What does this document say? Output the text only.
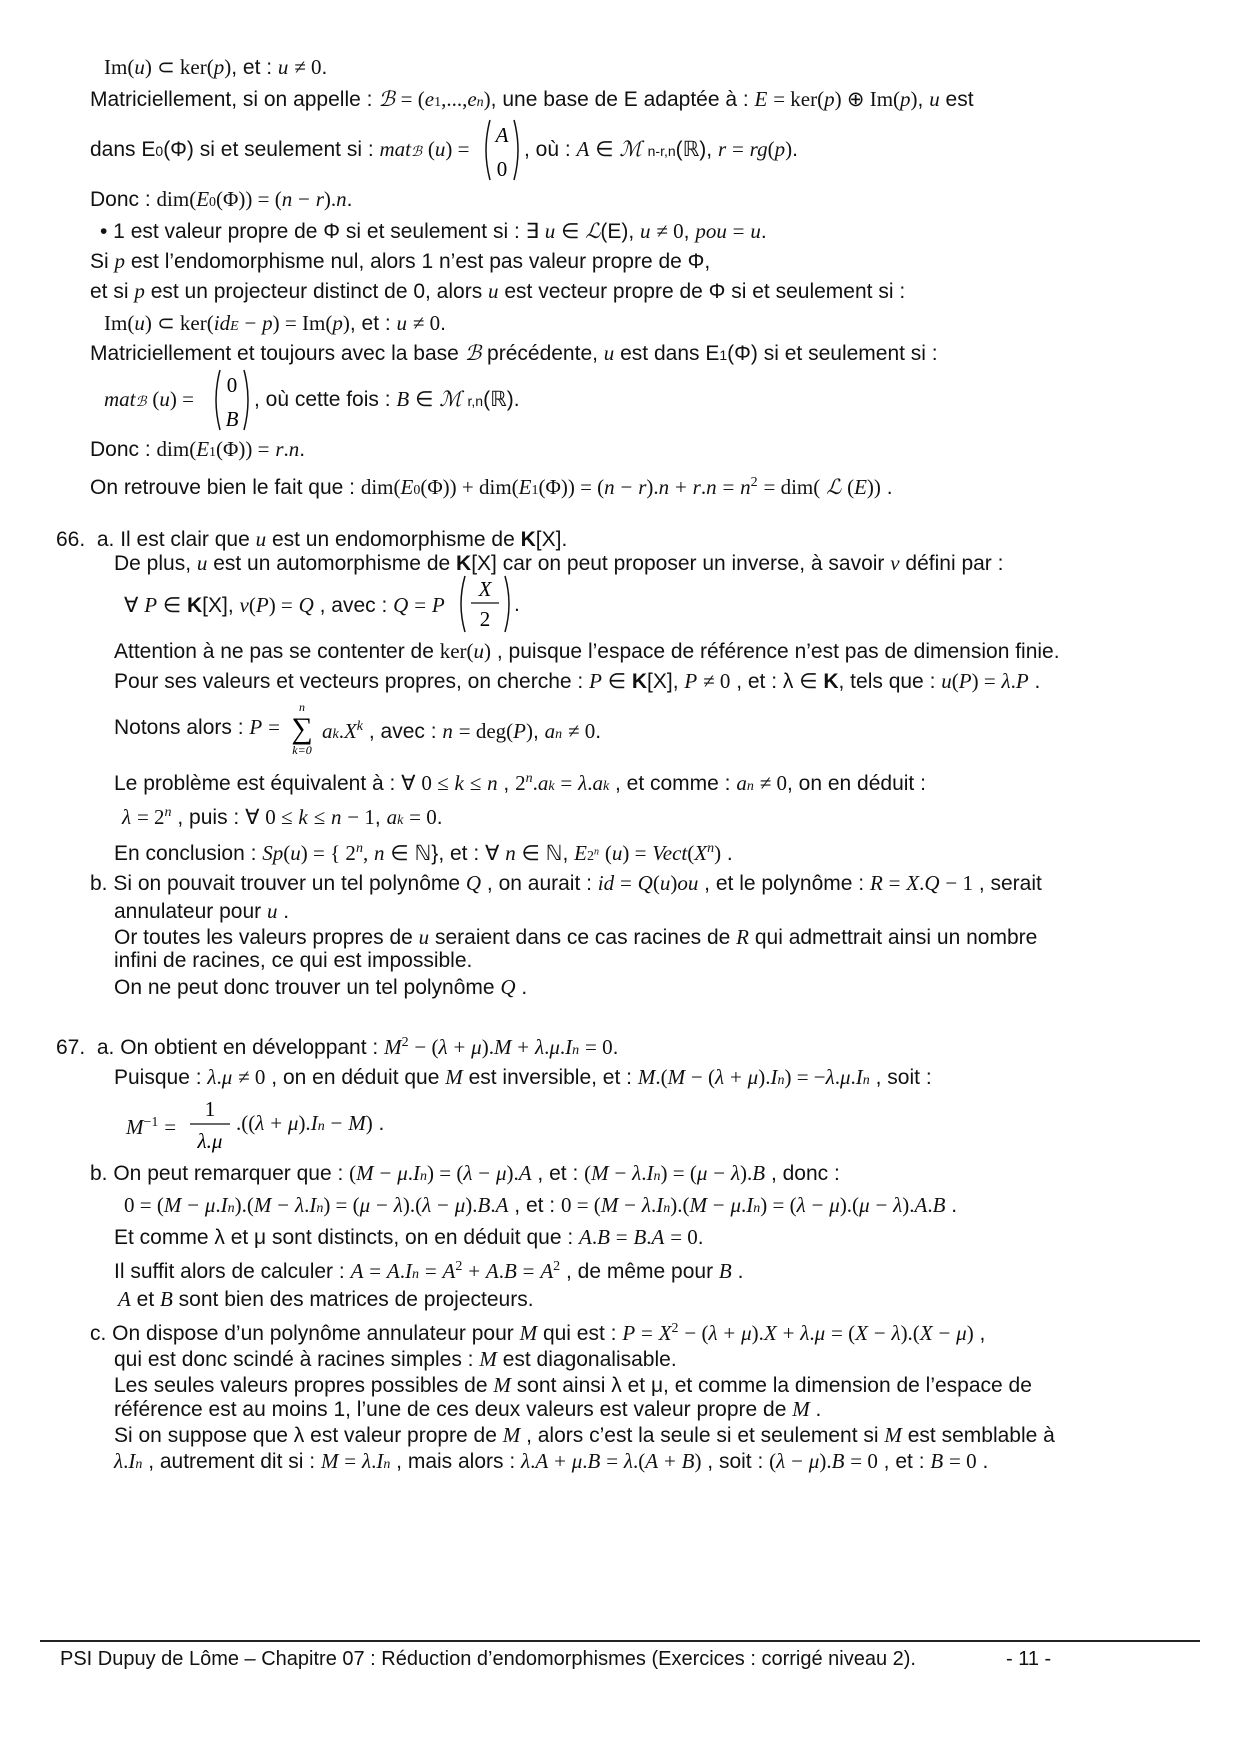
Im(u) ⊂ ker(p), et : u ≠ 0.
Matriciellement, si on appelle : ℬ = (e1,...,en), une base de E adaptée à : E = ker(p) ⊕ Im(p), u est
dans E0(Φ) si et seulement si : matℬ (u) =
A
0
, où : A ∈ ℳ n-r,n(ℝ), r = rg(p).
Donc : dim(E0(Φ)) = (n − r).n.
• 1 est valeur propre de Φ si et seulement si : ∃ u ∈ ℒ(E), u ≠ 0, pou = u.
Si p est l’endomorphisme nul, alors 1 n’est pas valeur propre de Φ,
et si p est un projecteur distinct de 0, alors u est vecteur propre de Φ si et seulement si :
Im(u) ⊂ ker(idE − p) = Im(p), et : u ≠ 0.
Matriciellement et toujours avec la base ℬ précédente, u est dans E1(Φ) si et seulement si :
matℬ (u) =
0
B
, où cette fois : B ∈ ℳ r,n(ℝ).
Donc : dim(E1(Φ)) = r.n.
On retrouve bien le fait que : $dim(E0(\Phi)) + dim(E1(\Phi)) = (n - r).n + r.n = n^2 = dim$( ℒ (E)) .
66.  a. Il est clair que u est un endomorphisme de K[X].
De plus, u est un automorphisme de K[X] car on peut proposer un inverse, à savoir v défini par :
∀ P ∈ K[X], v(P) = Q , avec : Q = P
X
2
.
Attention à ne pas se contenter de ker(u) , puisque l’espace de référence n’est pas de dimension finie.
Pour ses valeurs et vecteurs propres, on cherche : P ∈ K[X], P ≠ 0 , et : λ ∈ K, tels que : u(P) = λ.P .
Notons alors : P =
n
∑
k=0
$ak.X^k$ , avec : n = deg(P), an ≠ 0.
Le problème est équivalent à : ∀ 0 ≤ k ≤ n , $2^n.ak = \lambda.ak$ , et comme : an ≠ 0, on en déduit :
$\lambda = 2^n$ , puis : ∀ 0 ≤ k ≤ n − 1, ak = 0.
En conclusion : Sp(u) = { 2$^n$, n ∈ ℕ}, et : ∀ n ∈ ℕ, E2$^n$ $(u) = Vect(X^n)$ .
b. Si on pouvait trouver un tel polynôme Q , on aurait : id = Q(u)ou , et le polynôme : R = X.Q − 1 , serait
annulateur pour u .
Or toutes les valeurs propres de u seraient dans ce cas racines de R qui admettrait ainsi un nombre
infini de racines, ce qui est impossible.
On ne peut donc trouver un tel polynôme Q .
67.  a. On obtient en développant : $M^2 - (\lambda + \mu).M + \lambda.\mu.In = 0$.
Puisque : λ.μ ≠ 0 , on en déduit que M est inversible, et : M.(M − (λ + μ).In) = −λ.μ.In , soit :
$M^{-1}$ =
1
λ.μ
.((λ + μ).In − M) .
b. On peut remarquer que : (M − μ.In) = (λ − μ).A , et : (M − λ.In) = (μ − λ).B , donc :
0 = (M − μ.In).(M − λ.In) = (μ − λ).(λ − μ).B.A , et : 0 = (M − λ.In).(M − μ.In) = (λ − μ).(μ − λ).A.B .
Et comme λ et μ sont distincts, on en déduit que : A.B = B.A = 0.
Il suffit alors de calculer : $A = A.In = A^2 + A.B = A^2$ , de même pour B .
A et B sont bien des matrices de projecteurs.
c. On dispose d’un polynôme annulateur pour M qui est : $P = X^2 - (\lambda + \mu).X + \lambda.\mu = (X - \lambda).(X - \mu)$ ,
qui est donc scindé à racines simples : M est diagonalisable.
Les seules valeurs propres possibles de M sont ainsi λ et μ, et comme la dimension de l’espace de
référence est au moins 1, l’une de ces deux valeurs est valeur propre de M .
Si on suppose que λ est valeur propre de M , alors c’est la seule si et seulement si M est semblable à
λ.In , autrement dit si : M = λ.In , mais alors : λ.A + μ.B = λ.(A + B) , soit : (λ − μ).B = 0 , et : B = 0 .
PSI Dupuy de Lôme – Chapitre 07 : Réduction d’endomorphismes (Exercices : corrigé niveau 2).	- 11 -
